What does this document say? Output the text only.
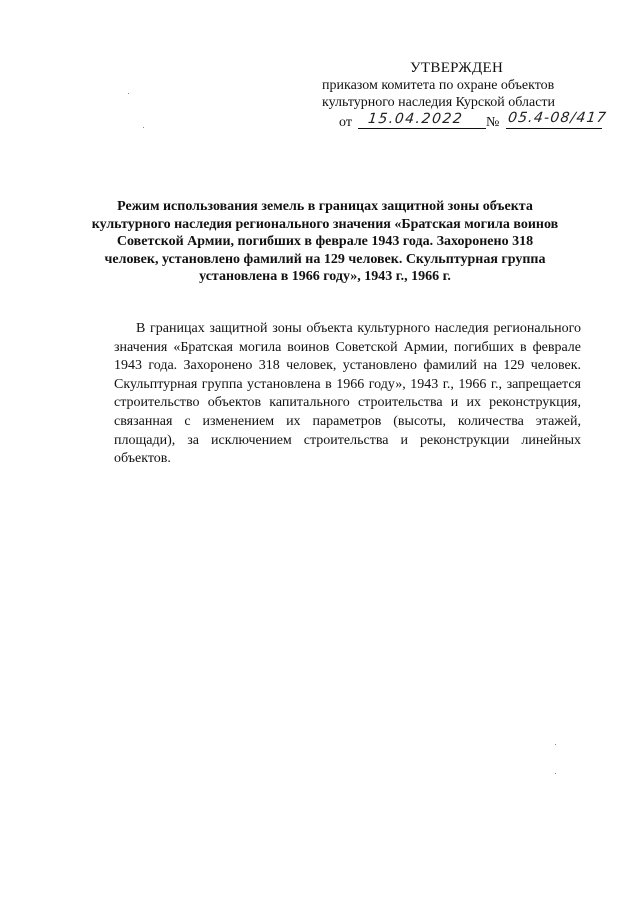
УТВЕРЖДЕН
приказом комитета по охране объектов
культурного наследия Курской области
от 15.04.2022 № 05.4-08/417
Режим использования земель в границах защитной зоны объекта культурного наследия регионального значения «Братская могила воинов Советской Армии, погибших в феврале 1943 года. Захоронено 318 человек, установлено фамилий на 129 человек. Скульптурная группа установлена в 1966 году», 1943 г., 1966 г.

В границах защитной зоны объекта культурного наследия регионального значения «Братская могила воинов Советской Армии, погибших в феврале 1943 года. Захоронено 318 человек, установлено фамилий на 129 человек. Скульптурная группа установлена в 1966 году», 1943 г., 1966 г., запрещается строительство объектов капитального строительства и их реконструкция, связанная с изменением их параметров (высоты, количества этажей, площади), за исключением строительства и реконструкции линейных объектов.
